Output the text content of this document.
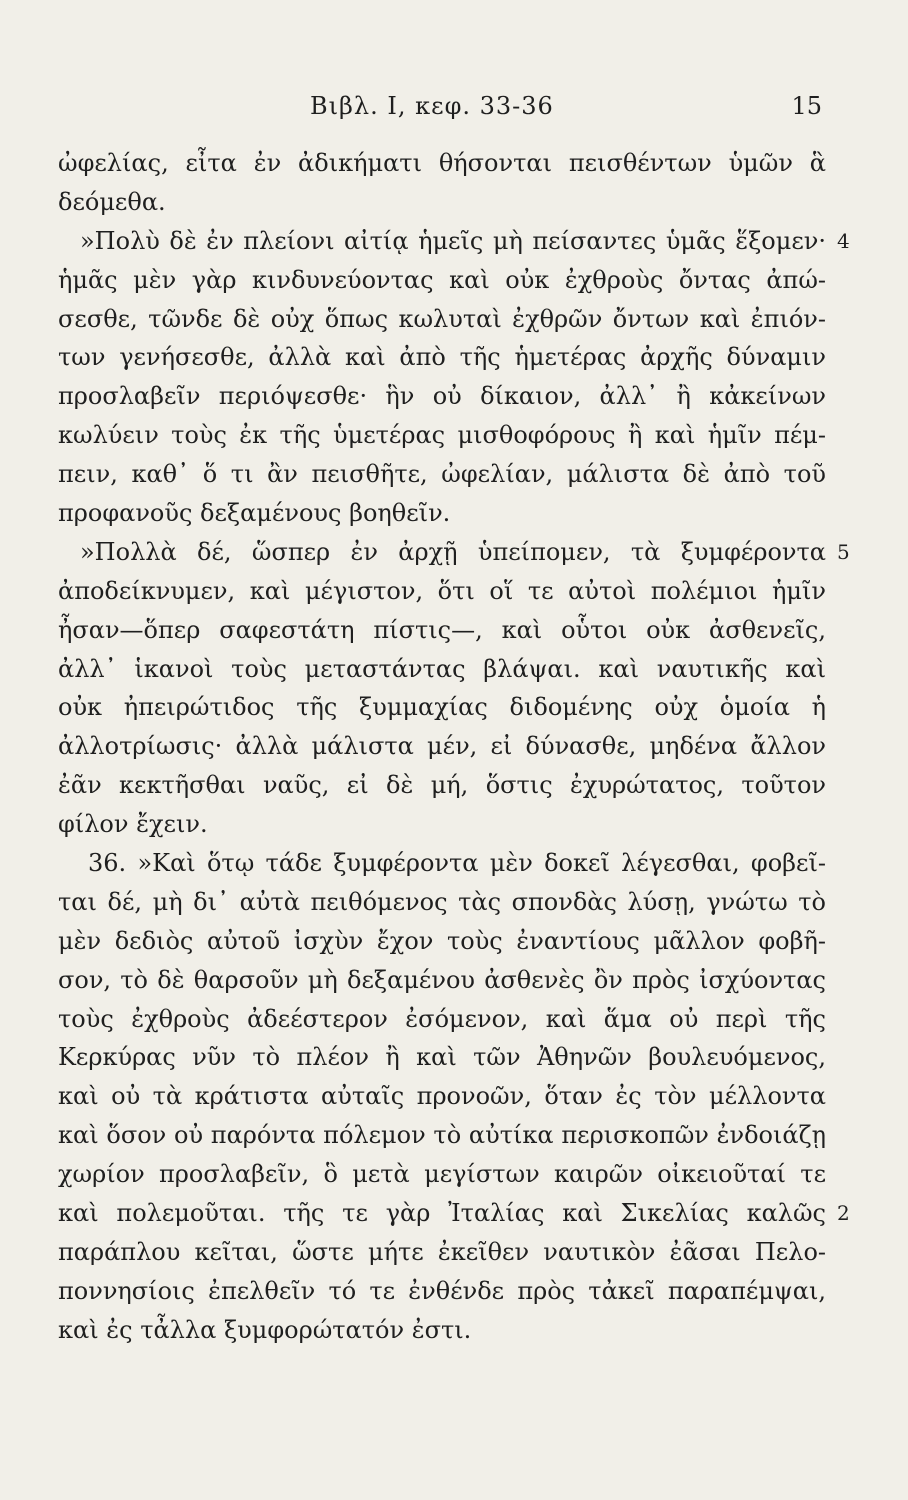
Βιβλ. Ι, κεφ. 33-36	15
ὠφελίας, εἶτα ἐν ἀδικήματι θήσονται πεισθέντων ὑμῶν ἃ
δεόμεθα.
»Πολὺ δὲ ἐν πλείονι αἰτίᾳ ἡμεῖς μὴ πείσαντες ὑμᾶς ἕξομεν· 4
ἡμᾶς μὲν γὰρ κινδυνεύοντας καὶ οὐκ ἐχθροὺς ὄντας ἀπώ-
σεσθε, τῶνδε δὲ οὐχ ὅπως κωλυταὶ ἐχθρῶν ὄντων καὶ ἐπιόν-
των γενήσεσθε, ἀλλὰ καὶ ἀπὸ τῆς ἡμετέρας ἀρχῆς δύναμιν
προσλαβεῖν περιόψεσθε· ἣν οὐ δίκαιον, ἀλλ᾽ ἢ κἀκείνων
κωλύειν τοὺς ἐκ τῆς ὑμετέρας μισθοφόρους ἢ καὶ ἡμῖν πέμ-
πειν, καθ᾽ ὅ τι ἂν πεισθῆτε, ὠφελίαν, μάλιστα δὲ ἀπὸ τοῦ
προφανοῦς δεξαμένους βοηθεῖν.
»Πολλὰ δέ, ὥσπερ ἐν ἀρχῇ ὑπείπομεν, τὰ ξυμφέροντα 5
ἀποδείκνυμεν, καὶ μέγιστον, ὅτι οἵ τε αὐτοὶ πολέμιοι ἡμῖν
ἦσαν—ὅπερ σαφεστάτη πίστις—, καὶ οὗτοι οὐκ ἀσθενεῖς,
ἀλλ᾽ ἱκανοὶ τοὺς μεταστάντας βλάψαι. καὶ ναυτικῆς καὶ
οὐκ ἠπειρώτιδος τῆς ξυμμαχίας διδομένης οὐχ ὁμοία ἡ
ἀλλοτρίωσις· ἀλλὰ μάλιστα μέν, εἰ δύνασθε, μηδένα ἄλλον
ἐᾶν κεκτῆσθαι ναῦς, εἰ δὲ μή, ὅστις ἐχυρώτατος, τοῦτον
φίλον ἔχειν.
36. »Καὶ ὅτῳ τάδε ξυμφέροντα μὲν δοκεῖ λέγεσθαι, φοβεῖ-
ται δέ, μὴ δι᾽ αὐτὰ πειθόμενος τὰς σπονδὰς λύσῃ, γνώτω τὸ
μὲν δεδιὸς αὐτοῦ ἰσχὺν ἔχον τοὺς ἐναντίους μᾶλλον φοβῆ-
σον, τὸ δὲ θαρσοῦν μὴ δεξαμένου ἀσθενὲς ὂν πρὸς ἰσχύοντας
τοὺς ἐχθροὺς ἀδεέστερον ἐσόμενον, καὶ ἅμα οὐ περὶ τῆς
Κερκύρας νῦν τὸ πλέον ἢ καὶ τῶν Ἀθηνῶν βουλευόμενος,
καὶ οὐ τὰ κράτιστα αὐταῖς προνοῶν, ὅταν ἐς τὸν μέλλοντα
καὶ ὅσον οὐ παρόντα πόλεμον τὸ αὐτίκα περισκοπῶν ἐνδοιάζῃ
χωρίον προσλαβεῖν, ὃ μετὰ μεγίστων καιρῶν οἰκειοῦταί τε
καὶ πολεμοῦται. τῆς τε γὰρ Ἰταλίας καὶ Σικελίας καλῶς 2
παράπλου κεῖται, ὥστε μήτε ἐκεῖθεν ναυτικὸν ἐᾶσαι Πελο-
ποννησίοις ἐπελθεῖν τό τε ἐνθένδε πρὸς τἀκεῖ παραπέμψαι,
καὶ ἐς τἆλλα ξυμφορώτατόν ἐστι.
